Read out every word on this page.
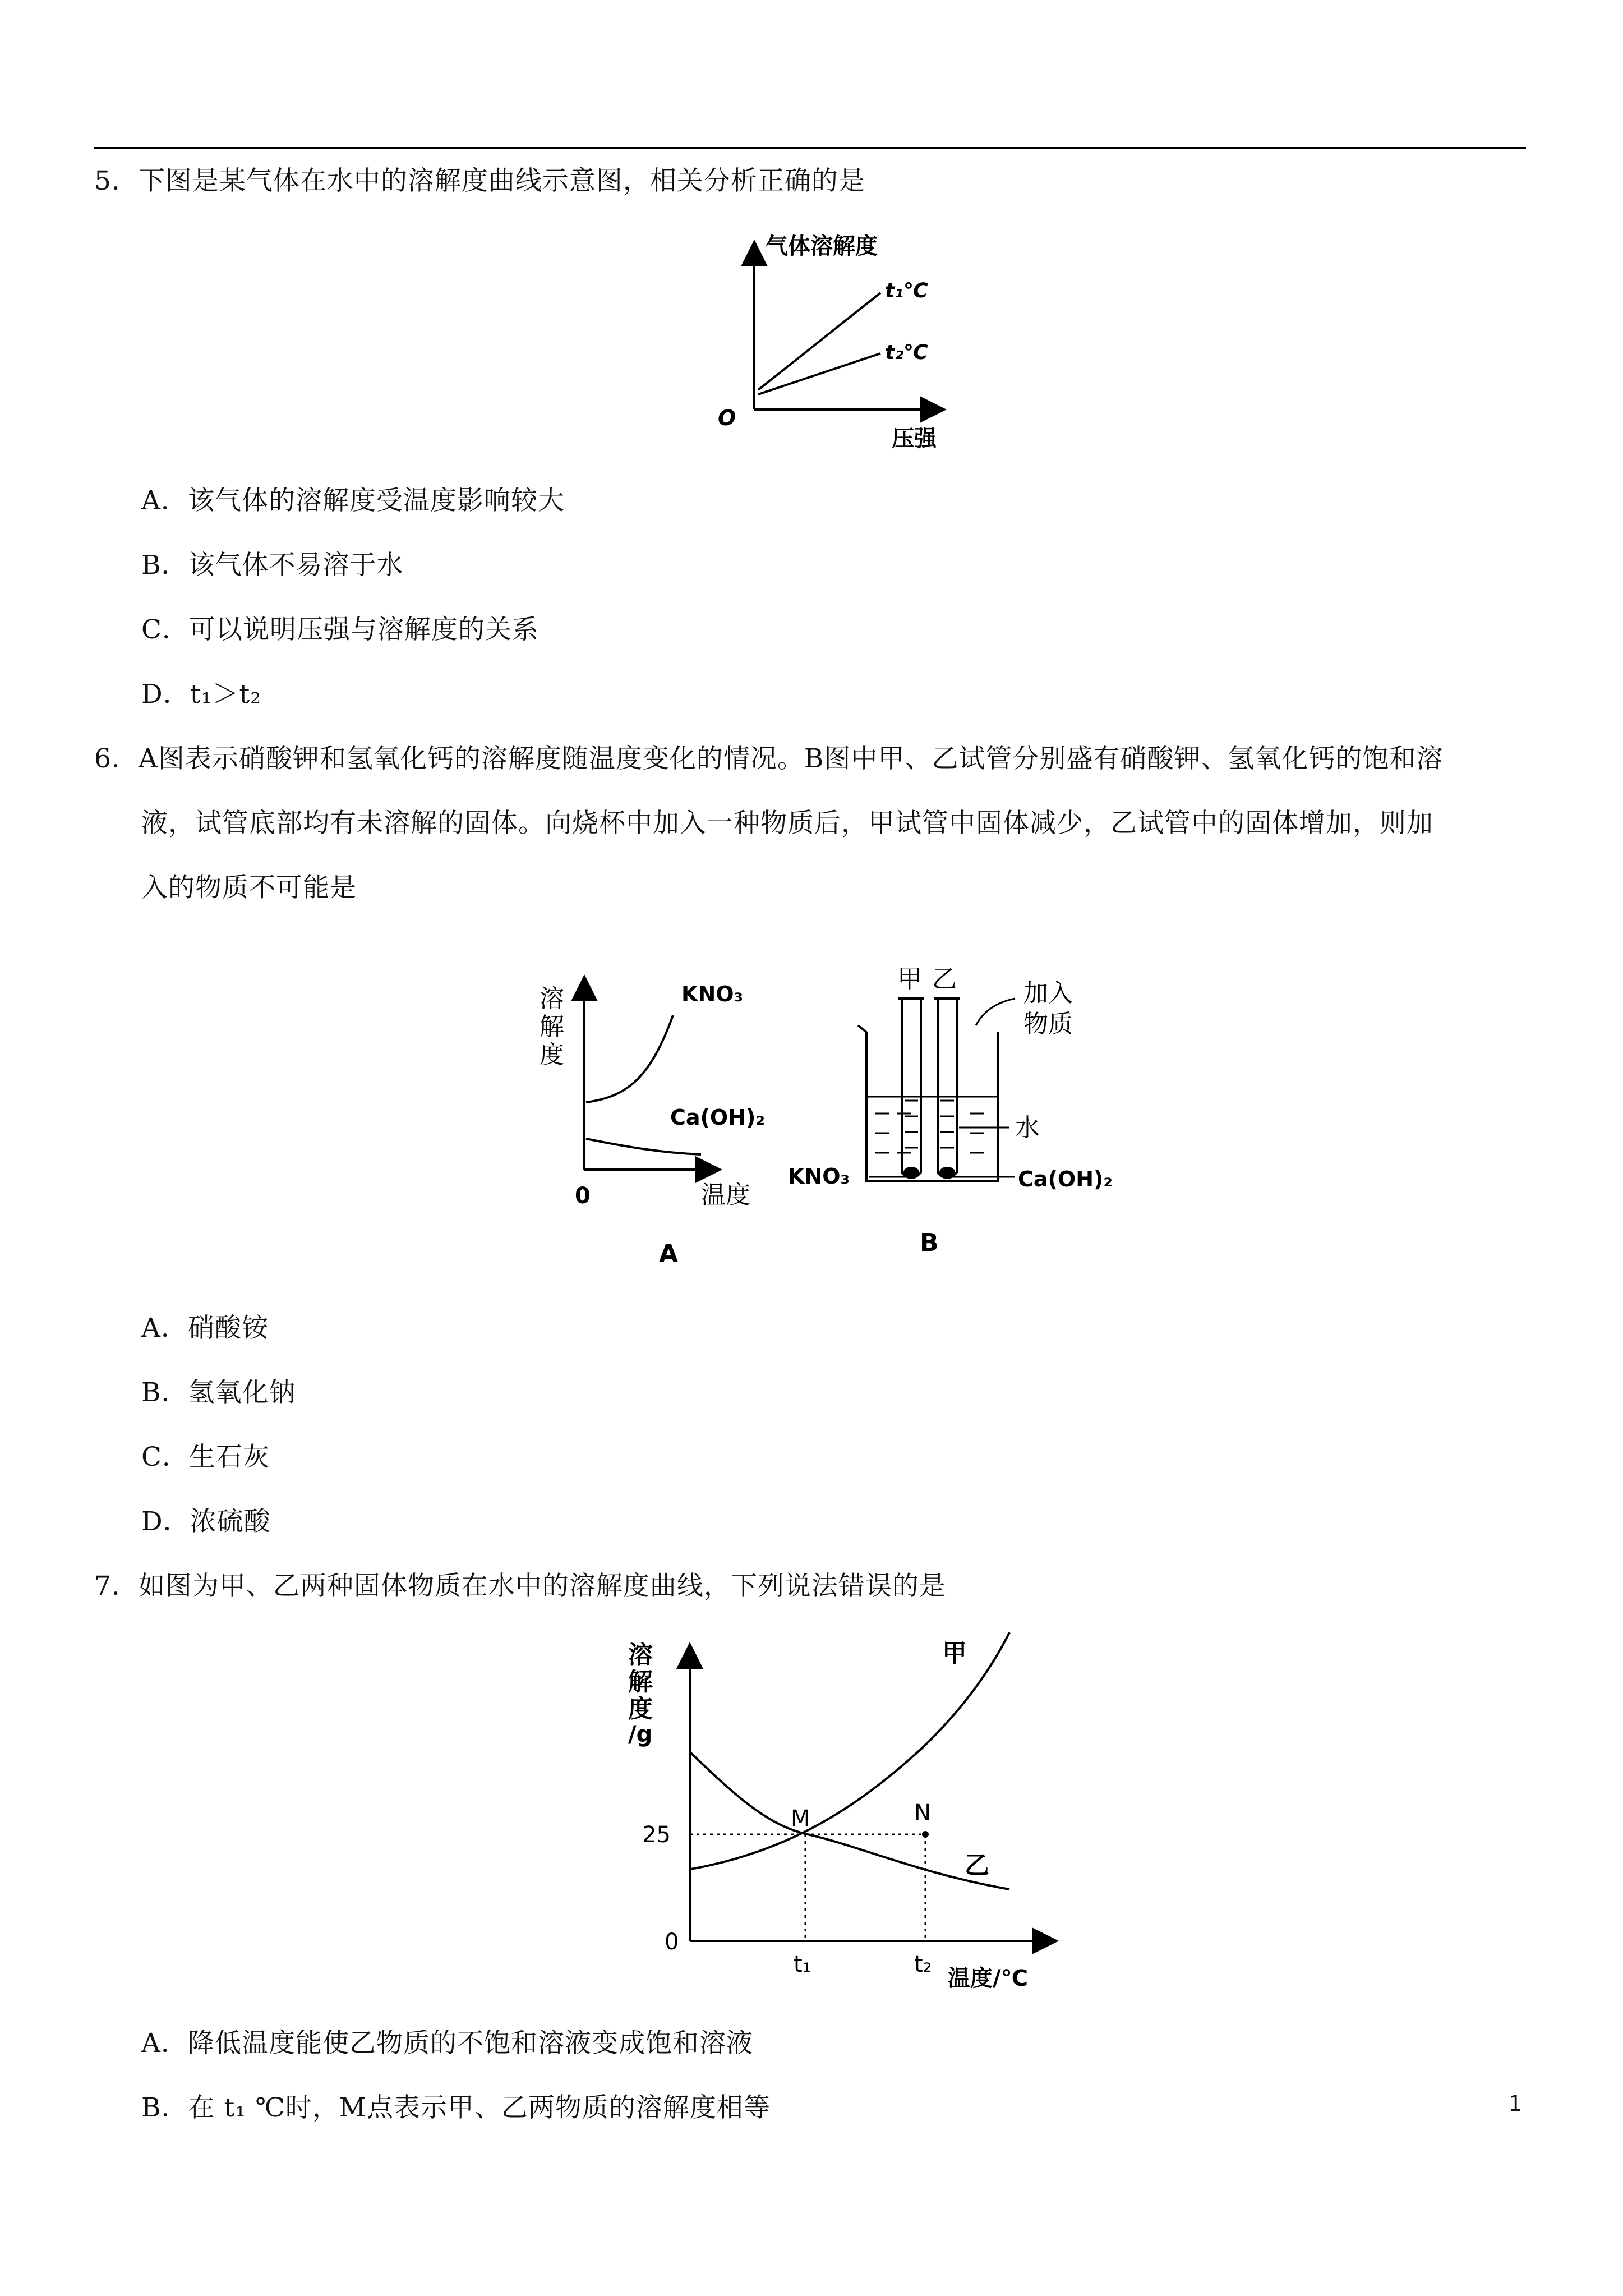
5．下图是某气体在水中的溶解度曲线示意图，相关分析正确的是
气体溶解度
t₁℃
t₂℃
O
压强
A．该气体的溶解度受温度影响较大
B．该气体不易溶于水
C．可以说明压强与溶解度的关系
D．t₁＞t₂
6．A图表示硝酸钾和氢氧化钙的溶解度随温度变化的情况。B图中甲、乙试管分别盛有硝酸钾、氢氧化钙的饱和溶
液，试管底部均有未溶解的固体。向烧杯中加入一种物质后，甲试管中固体减少，乙试管中的固体增加，则加
入的物质不可能是
溶
解
度
KNO₃
Ca(OH)₂
0	温度
A
甲 乙	加入
物质
水
KNO₃	Ca(OH)₂
B
A．硝酸铵
B．氢氧化钠
C．生石灰
D．浓硫酸
7．如图为甲、乙两种固体物质在水中的溶解度曲线，下列说法错误的是
溶
解
度
/g
25
0
M	N
甲
乙
t₁	t₂
温度/℃
A．降低温度能使乙物质的不饱和溶液变成饱和溶液
B．在 t₁ ℃时，M点表示甲、乙两物质的溶解度相等	1
